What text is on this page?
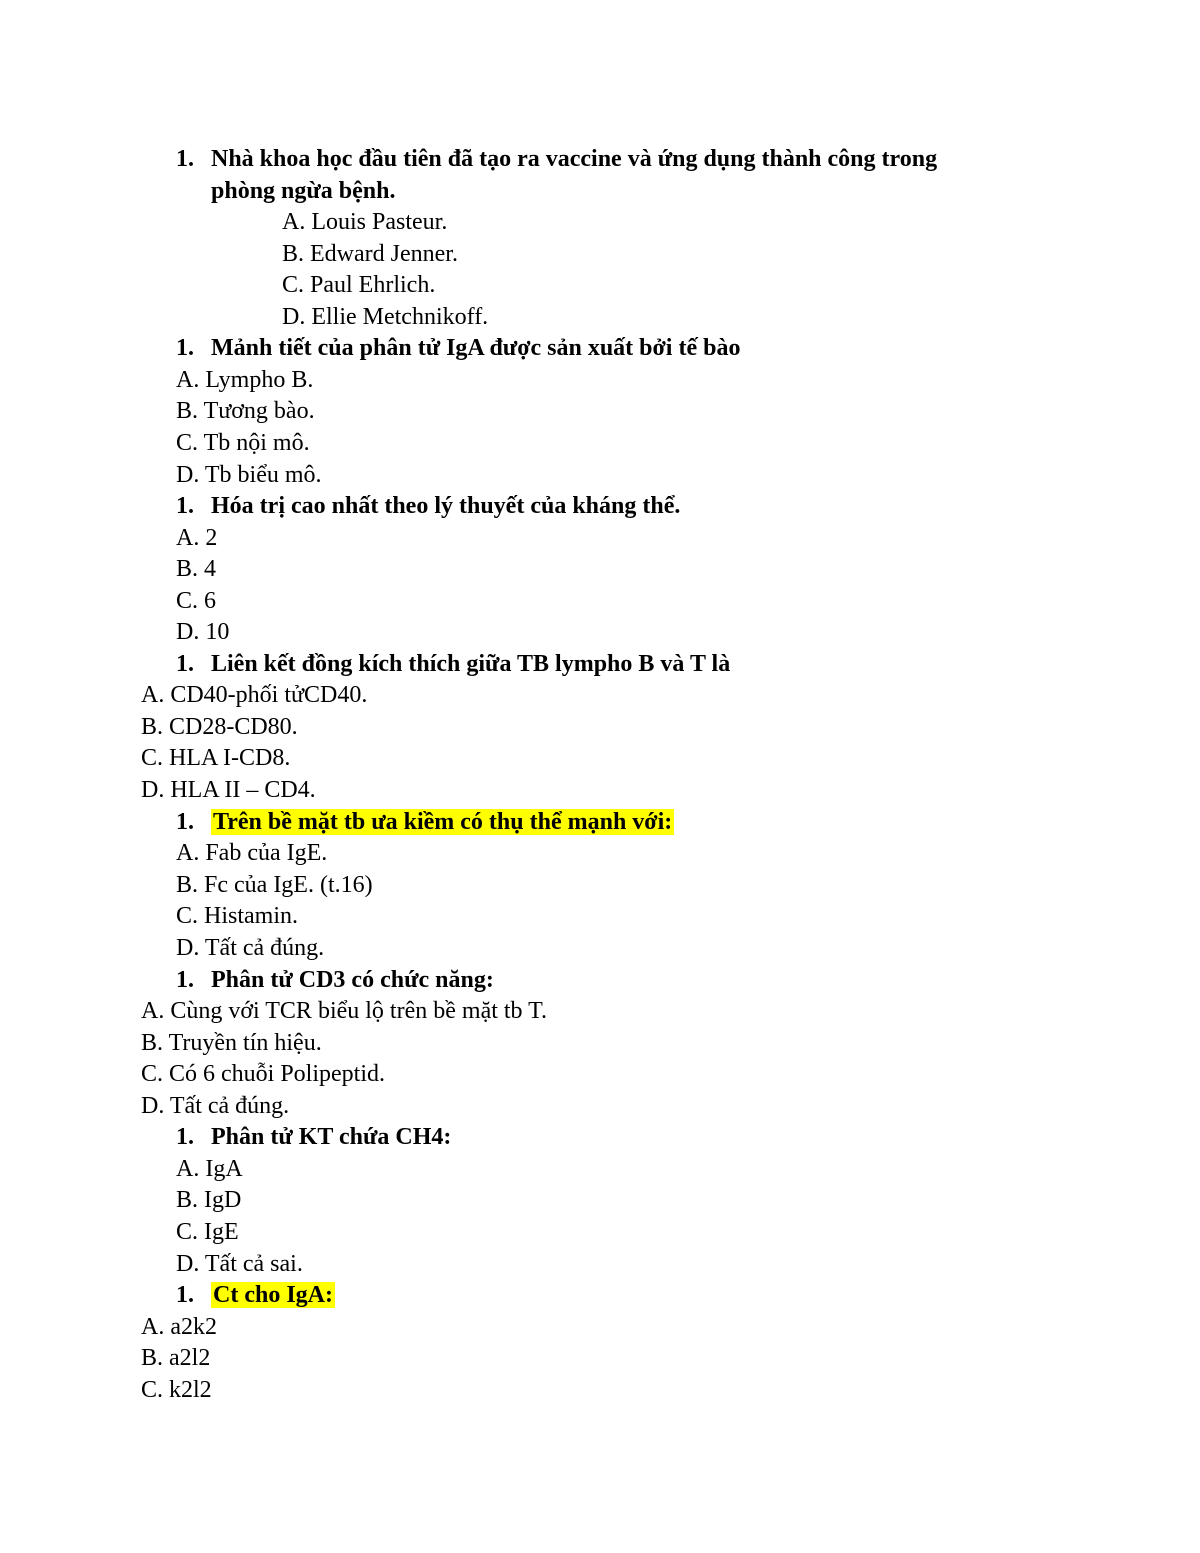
1. Nhà khoa học đầu tiên đã tạo ra vaccine và ứng dụng thành công trong
phòng ngừa bệnh.
A. Louis Pasteur.
B. Edward Jenner.
C. Paul Ehrlich.
D. Ellie Metchnikoff.
1. Mảnh tiết của phân tử IgA được sản xuất bởi tế bào
A. Lympho B.
B. Tương bào.
C. Tb nội mô.
D. Tb biểu mô.
1. Hóa trị cao nhất theo lý thuyết của kháng thể.
A. 2
B. 4
C. 6
D. 10
1. Liên kết đồng kích thích giữa TB lympho B và T là
A. CD40-phối tửCD40.
B. CD28-CD80.
C. HLA I-CD8.
D. HLA II – CD4.
1. Trên bề mặt tb ưa kiềm có thụ thể mạnh với:
A. Fab của IgE.
B. Fc của IgE. (t.16)
C. Histamin.
D. Tất cả đúng.
1. Phân tử CD3 có chức năng:
A. Cùng với TCR biểu lộ trên bề mặt tb T.
B. Truyền tín hiệu.
C. Có 6 chuỗi Polipeptid.
D. Tất cả đúng.
1. Phân tử KT chứa CH4:
A. IgA
B. IgD
C. IgE
D. Tất cả sai.
1. Ct cho IgA:
A. a2k2
B. a2l2
C. k2l2
